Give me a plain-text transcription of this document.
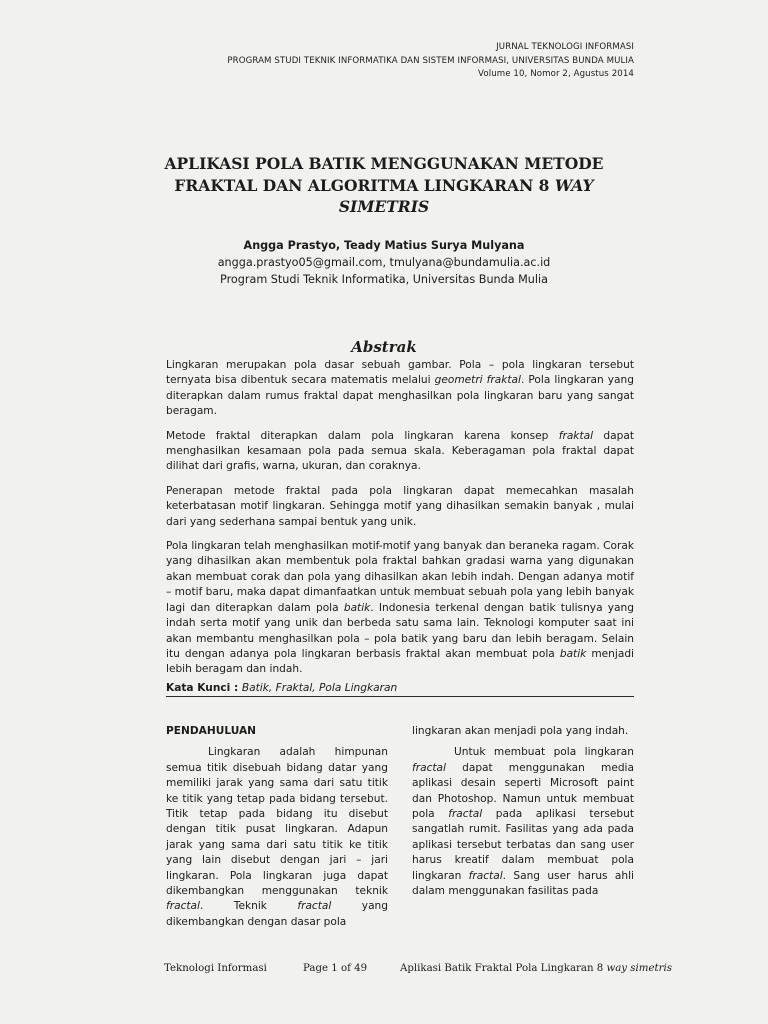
JURNAL TEKNOLOGI INFORMASI
PROGRAM STUDI TEKNIK INFORMATIKA DAN SISTEM INFORMASI, UNIVERSITAS BUNDA MULIA
Volume 10, Nomor 2, Agustus 2014
APLIKASI POLA BATIK MENGGUNAKAN METODE
FRAKTAL DAN ALGORITMA LINGKARAN 8 WAY
SIMETRIS
Angga Prastyo, Teady Matius Surya Mulyana
angga.prastyo05@gmail.com, tmulyana@bundamulia.ac.id
Program Studi Teknik Informatika, Universitas Bunda Mulia
Abstrak

Lingkaran merupakan pola dasar sebuah gambar. Pola – pola lingkaran tersebut ternyata bisa dibentuk secara matematis melalui geometri fraktal. Pola lingkaran yang diterapkan dalam rumus fraktal dapat menghasilkan pola lingkaran baru yang sangat beragam.

Metode fraktal diterapkan dalam pola lingkaran karena konsep fraktal dapat menghasilkan kesamaan pola pada semua skala. Keberagaman pola fraktal dapat dilihat dari grafis, warna, ukuran, dan coraknya.

Penerapan metode fraktal pada pola lingkaran dapat memecahkan masalah keterbatasan motif lingkaran. Sehingga motif yang dihasilkan semakin banyak , mulai dari yang sederhana sampai bentuk yang unik.

Pola lingkaran telah menghasilkan motif-motif yang banyak dan beraneka ragam. Corak yang dihasilkan akan membentuk pola fraktal bahkan gradasi warna yang digunakan akan membuat corak dan pola yang dihasilkan akan lebih indah. Dengan adanya motif – motif baru, maka dapat dimanfaatkan untuk membuat sebuah pola yang lebih banyak lagi dan diterapkan dalam pola batik. Indonesia terkenal dengan batik tulisnya yang indah serta motif yang unik dan berbeda satu sama lain. Teknologi komputer saat ini akan membantu menghasilkan pola – pola batik yang baru dan lebih beragam. Selain itu dengan adanya pola lingkaran berbasis fraktal akan membuat pola batik menjadi lebih beragam dan indah.

Kata Kunci : Batik, Fraktal, Pola Lingkaran
PENDAHULUAN

Lingkaran adalah himpunan semua titik disebuah bidang datar yang memiliki jarak yang sama dari satu titik ke titik yang tetap pada bidang tersebut. Titik tetap pada bidang itu disebut dengan titik pusat lingkaran. Adapun jarak yang sama dari satu titik ke titik yang lain disebut dengan jari – jari lingkaran. Pola lingkaran juga dapat dikembangkan menggunakan teknik fractal. Teknik fractal yang dikembangkan dengan dasar pola

lingkaran akan menjadi pola yang indah.

Untuk membuat pola lingkaran fractal dapat menggunakan media aplikasi desain seperti Microsoft paint dan Photoshop. Namun untuk membuat pola fractal pada aplikasi tersebut sangatlah rumit. Fasilitas yang ada pada aplikasi tersebut terbatas dan sang user harus kreatif dalam membuat pola lingkaran fractal. Sang user harus ahli dalam menggunakan fasilitas pada

Teknologi Informasi	Page 1 of 49	Aplikasi Batik Fraktal Pola Lingkaran 8 way simetris
